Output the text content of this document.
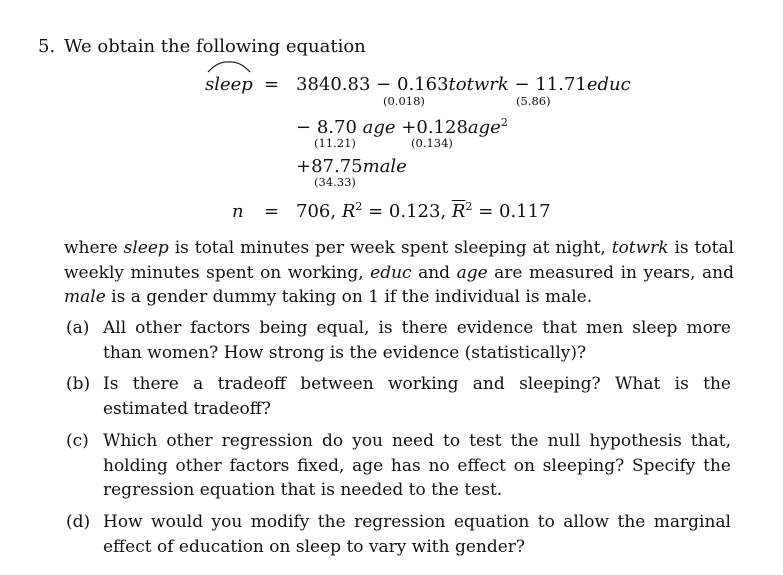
5. We obtain the following equation
sleep = 3840.83 − 0.163totwrk − 11.71educ
(0.018)	(5.86)
− 8.70 age +0.128age$^2$
(11.21)	(0.134)
+87.75male
(34.33)
n = 706, $R^2 = 0.123$, $\overline{R}^2 = 0.117$
where sleep is total minutes per week spent sleeping at night, totwrk is total weekly minutes spent on working, educ and age are measured in years, and male is a gender dummy taking on 1 if the individual is male.
(a) All other factors being equal, is there evidence that men sleep more than women? How strong is the evidence (statistically)?
(b) Is there a tradeoff between working and sleeping? What is the estimated tradeoff?
(c) Which other regression do you need to test the null hypothesis that, holding other factors fixed, age has no effect on sleeping? Specify the regression equation that is needed to the test.
(d) How would you modify the regression equation to allow the marginal effect of education on sleep to vary with gender?
